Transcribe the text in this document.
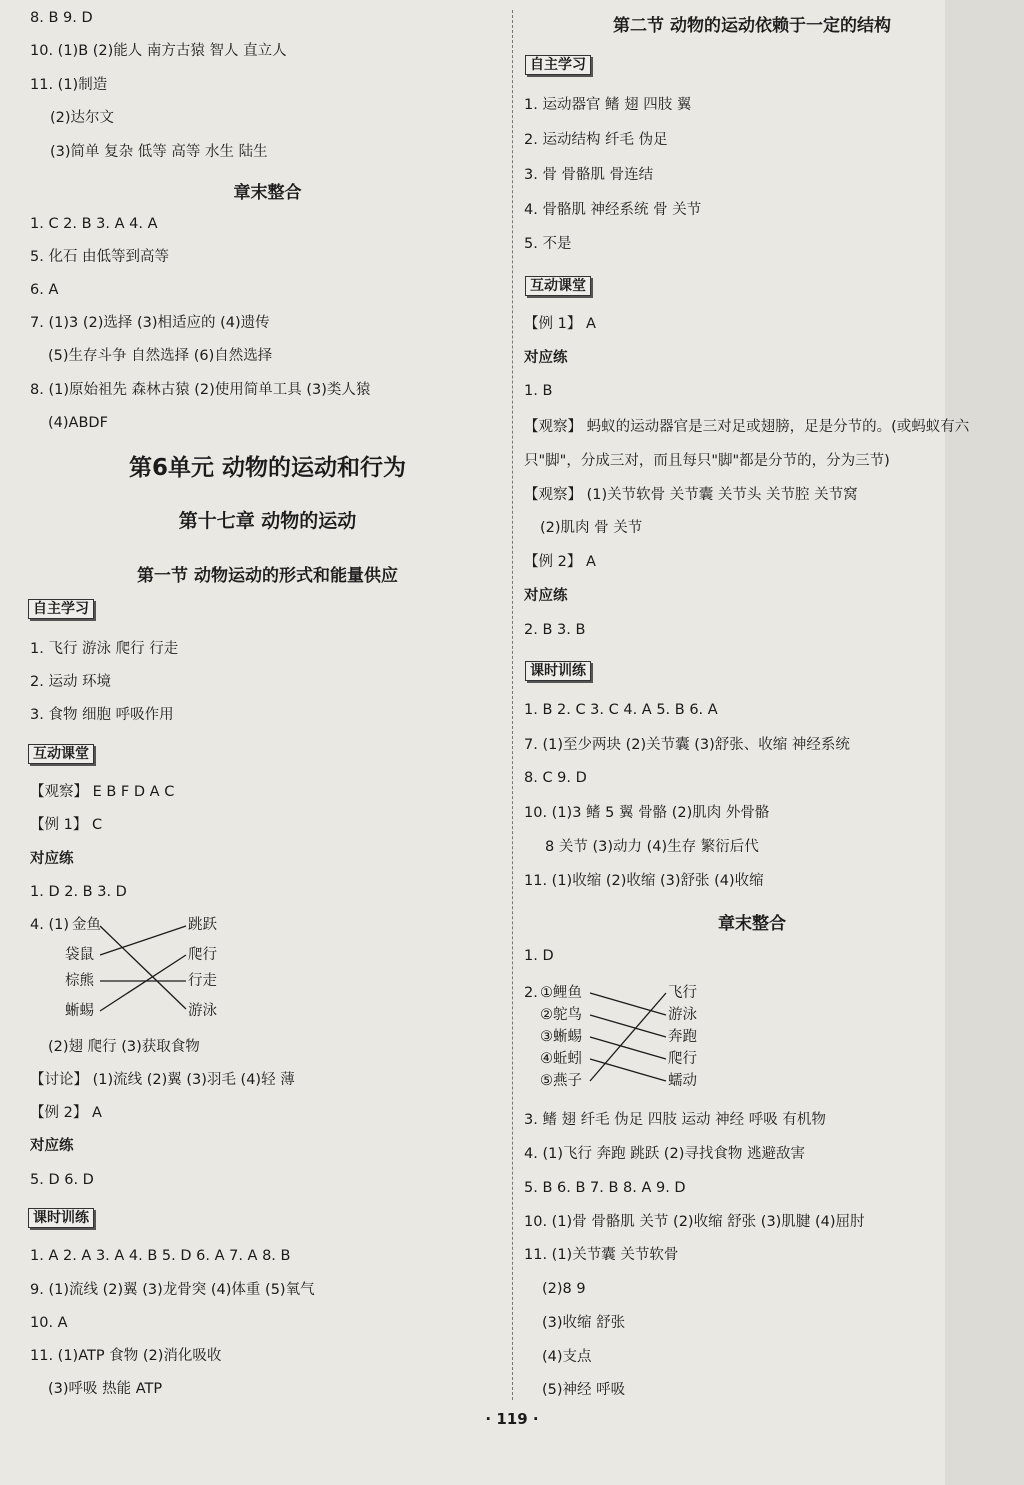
8. B 9. D
10. (1)B (2)能人 南方古猿 智人 直立人
11. (1)制造
(2)达尔文
(3)简单 复杂 低等 高等 水生 陆生
章末整合
1. C 2. B 3. A 4. A
5. 化石 由低等到高等
6. A
7. (1)3 (2)选择 (3)相适应的 (4)遗传
(5)生存斗争 自然选择 (6)自然选择
8. (1)原始祖先 森林古猿 (2)使用简单工具 (3)类人猿
(4)ABDF
第6单元 动物的运动和行为
第十七章 动物的运动
第一节 动物运动的形式和能量供应
自主学习
1. 飞行 游泳 爬行 行走
2. 运动 环境
3. 食物 细胞 呼吸作用
互动课堂
【观察】 E B F D A C
【例 1】 C
对应练
1. D 2. B 3. D
4. (1) 金鱼
袋鼠
棕熊
蜥蜴
跳跃
爬行
行走
游泳
(2)翅 爬行 (3)获取食物
【讨论】 (1)流线 (2)翼 (3)羽毛 (4)轻 薄
【例 2】 A
对应练
5. D 6. D
课时训练
1. A 2. A 3. A 4. B 5. D 6. A 7. A 8. B
9. (1)流线 (2)翼 (3)龙骨突 (4)体重 (5)氧气
10. A
11. (1)ATP 食物 (2)消化吸收
(3)呼吸 热能 ATP
第二节 动物的运动依赖于一定的结构
自主学习
1. 运动器官 鳍 翅 四肢 翼
2. 运动结构 纤毛 伪足
3. 骨 骨骼肌 骨连结
4. 骨骼肌 神经系统 骨 关节
5. 不是
互动课堂
【例 1】 A
对应练
1. B
【观察】 蚂蚁的运动器官是三对足或翅膀，足是分节的。(或蚂蚁有六
只"脚"，分成三对，而且每只"脚"都是分节的，分为三节)
【观察】 (1)关节软骨 关节囊 关节头 关节腔 关节窝
(2)肌肉 骨 关节
【例 2】 A
对应练
2. B 3. B
课时训练
1. B 2. C 3. C 4. A 5. B 6. A
7. (1)至少两块 (2)关节囊 (3)舒张、收缩 神经系统
8. C 9. D
10. (1)3 鳍 5 翼 骨骼 (2)肌肉 外骨骼
8 关节 (3)动力 (4)生存 繁衍后代
11. (1)收缩 (2)收缩 (3)舒张 (4)收缩
章末整合
1. D
2. ①鲤鱼
②鸵鸟
③蜥蜴
④蚯蚓
⑤燕子
飞行
游泳
奔跑
爬行
蠕动
3. 鳍 翅 纤毛 伪足 四肢 运动 神经 呼吸 有机物
4. (1)飞行 奔跑 跳跃 (2)寻找食物 逃避敌害
5. B 6. B 7. B 8. A 9. D
10. (1)骨 骨骼肌 关节 (2)收缩 舒张 (3)肌腱 (4)屈肘
11. (1)关节囊 关节软骨
(2)8 9
(3)收缩 舒张
(4)支点
(5)神经 呼吸
· 119 ·
